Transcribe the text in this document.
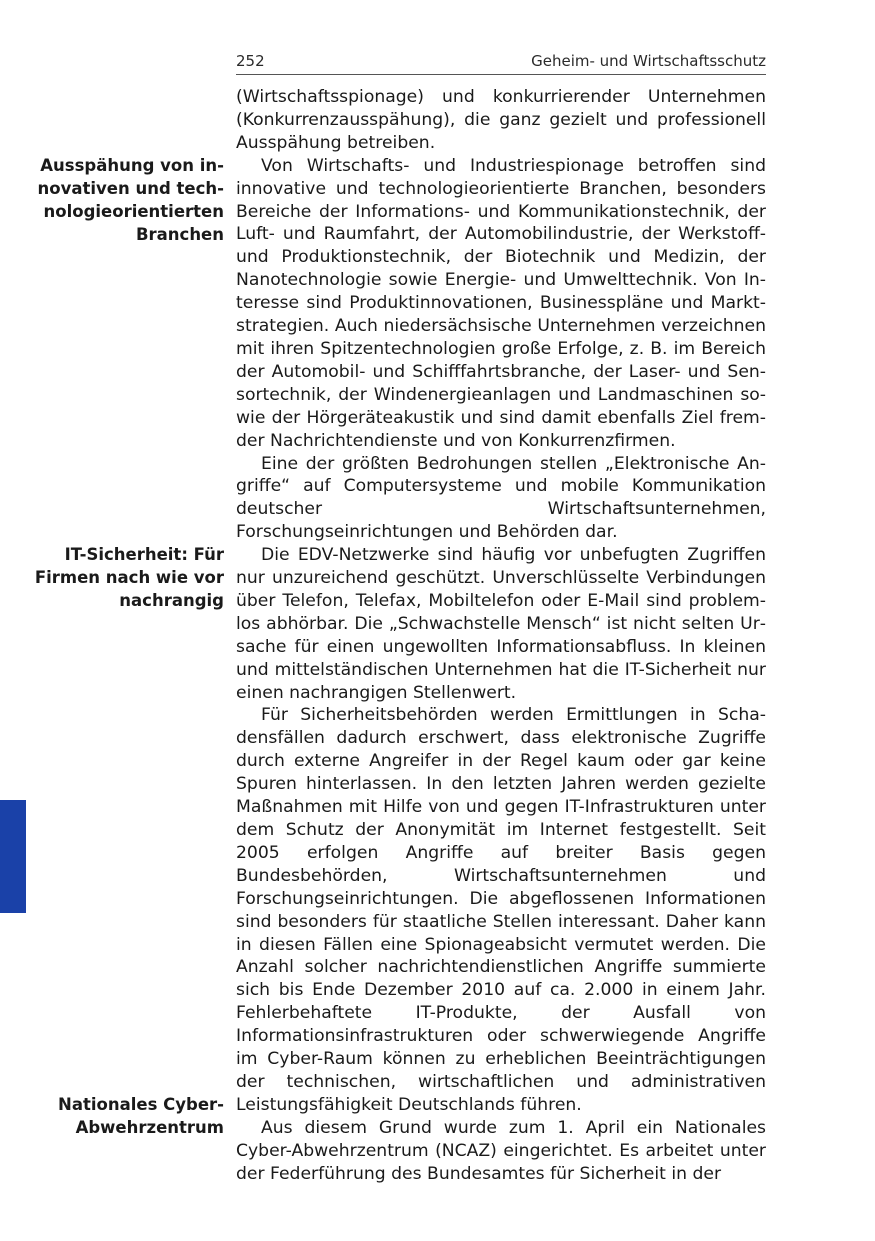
252	Geheim- und Wirtschaftsschutz
Ausspähung von innovativen und technologieorientierten Branchen
IT-Sicherheit: Für Firmen nach wie vor nachrangig
Nationales Cyber-Abwehrzentrum

(Wirtschaftsspionage) und konkurrierender Unternehmen (Konkurrenzausspähung), die ganz gezielt und professionell Ausspähung betreiben.

Von Wirtschafts- und Industriespionage betroffen sind innovative und technologieorientierte Branchen, besonders Bereiche der Informations- und Kommunikationstechnik, der Luft- und Raumfahrt, der Automobilindustrie, der Werkstoff- und Produktionstechnik, der Biotechnik und Medizin, der Nanotechnologie sowie Energie- und Umwelttechnik. Von Interesse sind Produktinnovationen, Businesspläne und Marktstrategien. Auch niedersächsische Unternehmen verzeichnen mit ihren Spitzentechnologien große Erfolge, z. B. im Bereich der Automobil- und Schifffahrtsbranche, der Laser- und Sensortechnik, der Windenergieanlagen und Landmaschinen sowie der Hörgeräteakustik und sind damit ebenfalls Ziel fremder Nachrichtendienste und von Konkurrenzfirmen.

Eine der größten Bedrohungen stellen „Elektronische Angriffe“ auf Computersysteme und mobile Kommunikation deutscher Wirtschaftsunternehmen, Forschungseinrichtungen und Behörden dar.

Die EDV-Netzwerke sind häufig vor unbefugten Zugriffen nur unzureichend geschützt. Unverschlüsselte Verbindungen über Telefon, Telefax, Mobiltelefon oder E-Mail sind problemlos abhörbar. Die „Schwachstelle Mensch“ ist nicht selten Ursache für einen ungewollten Informationsabfluss. In kleinen und mittelständischen Unternehmen hat die IT-Sicherheit nur einen nachrangigen Stellenwert.

Für Sicherheitsbehörden werden Ermittlungen in Schadensfällen dadurch erschwert, dass elektronische Zugriffe durch externe Angreifer in der Regel kaum oder gar keine Spuren hinterlassen. In den letzten Jahren werden gezielte Maßnahmen mit Hilfe von und gegen IT-Infrastrukturen unter dem Schutz der Anonymität im Internet festgestellt. Seit 2005 erfolgen Angriffe auf breiter Basis gegen Bundesbehörden, Wirtschaftsunternehmen und Forschungseinrichtungen. Die abgeflossenen Informationen sind besonders für staatliche Stellen interessant. Daher kann in diesen Fällen eine Spionageabsicht vermutet werden. Die Anzahl solcher nachrichtendienstlichen Angriffe summierte sich bis Ende Dezember 2010 auf ca. 2.000 in einem Jahr. Fehlerbehaftete IT-Produkte, der Ausfall von Informationsinfrastrukturen oder schwerwiegende Angriffe im Cyber-Raum können zu erheblichen Beeinträchtigungen der technischen, wirtschaftlichen und administrativen Leistungsfähigkeit Deutschlands führen.

Aus diesem Grund wurde zum 1. April ein Nationales Cyber-Abwehrzentrum (NCAZ) eingerichtet. Es arbeitet unter der Federführung des Bundesamtes für Sicherheit in der
